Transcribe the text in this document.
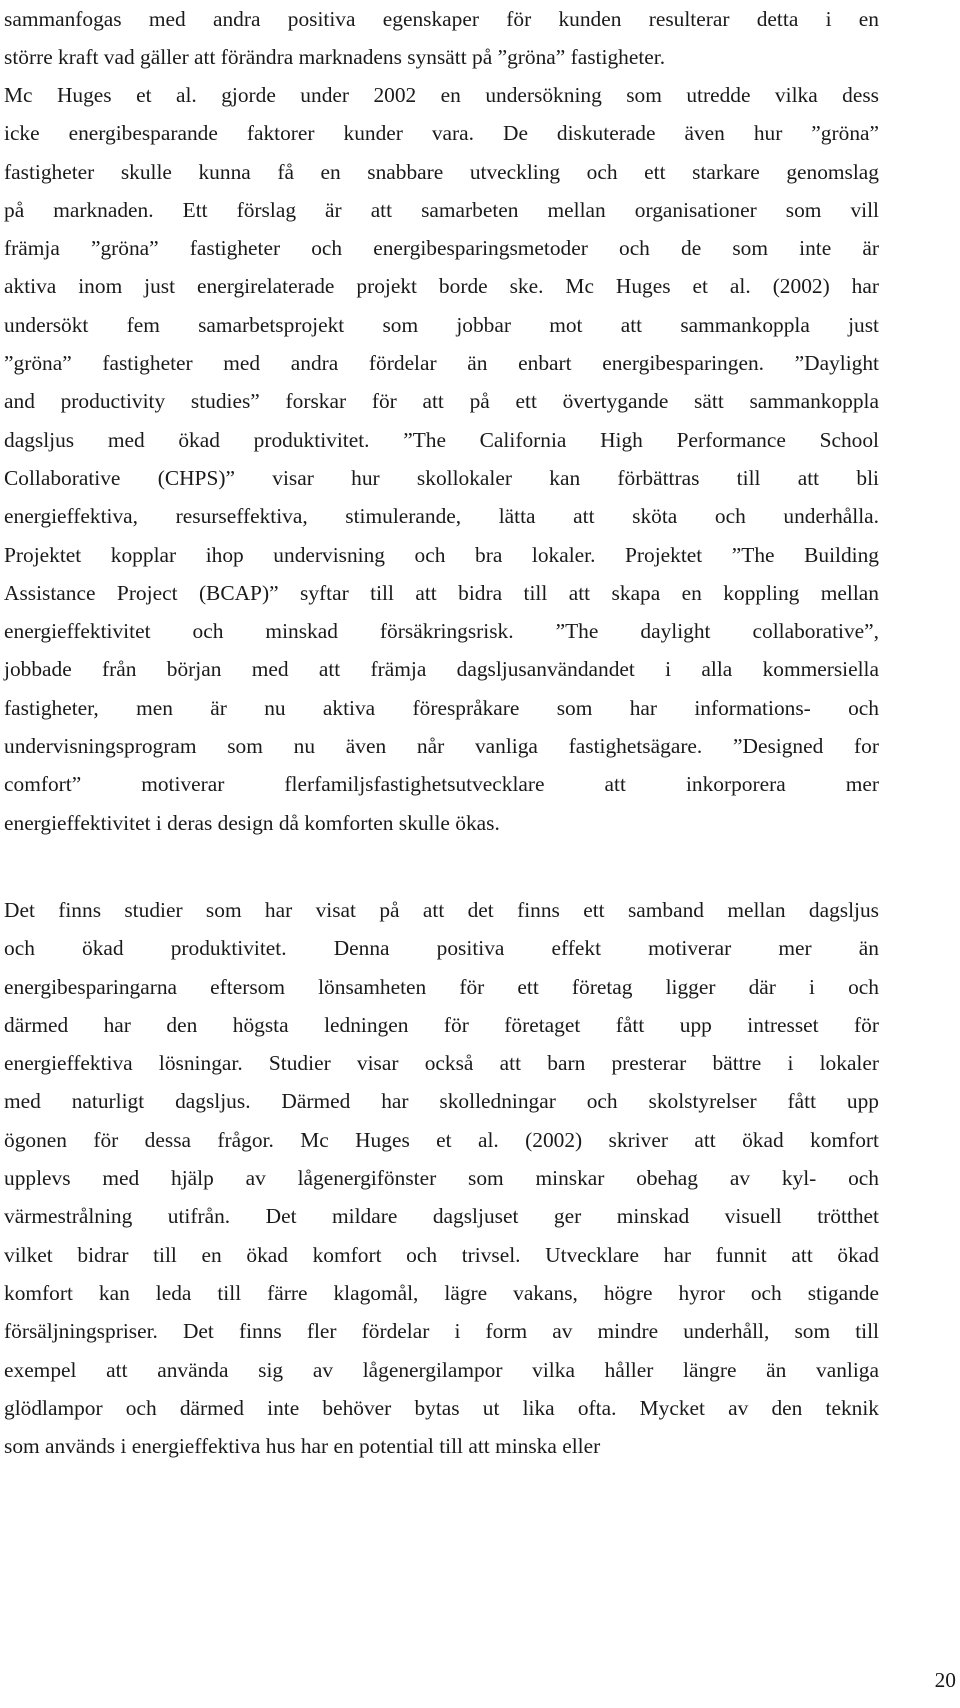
sammanfogas med andra positiva egenskaper för kunden resulterar detta i en
större kraft vad gäller att förändra marknadens synsätt på ”gröna” fastigheter.
Mc Huges et al. gjorde under 2002 en undersökning som utredde vilka dess
icke energibesparande faktorer kunder vara. De diskuterade även hur ”gröna”
fastigheter skulle kunna få en snabbare utveckling och ett starkare genomslag
på marknaden. Ett förslag är att samarbeten mellan organisationer som vill
främja ”gröna” fastigheter och energibesparingsmetoder och de som inte är
aktiva inom just energirelaterade projekt borde ske. Mc Huges et al. (2002) har
undersökt fem samarbetsprojekt som jobbar mot att sammankoppla just
”gröna” fastigheter med andra fördelar än enbart energibesparingen. ”Daylight
and productivity studies” forskar för att på ett övertygande sätt sammankoppla
dagsljus med ökad produktivitet. ”The California High Performance School
Collaborative (CHPS)” visar hur skollokaler kan förbättras till att bli
energieffektiva, resurseffektiva, stimulerande, lätta att sköta och underhålla.
Projektet kopplar ihop undervisning och bra lokaler. Projektet ”The Building
Assistance Project (BCAP)” syftar till att bidra till att skapa en koppling mellan
energieffektivitet och minskad försäkringsrisk. ”The daylight collaborative”,
jobbade från början med att främja dagsljusanvändandet i alla kommersiella
fastigheter, men är nu aktiva förespråkare som har informations- och
undervisningsprogram som nu även når vanliga fastighetsägare. ”Designed for
comfort” motiverar flerfamiljsfastighetsutvecklare att inkorporera mer
energieffektivitet i deras design då komforten skulle ökas.
Det finns studier som har visat på att det finns ett samband mellan dagsljus
och ökad produktivitet. Denna positiva effekt motiverar mer än
energibesparingarna eftersom lönsamheten för ett företag ligger där i och
därmed har den högsta ledningen för företaget fått upp intresset för
energieffektiva lösningar. Studier visar också att barn presterar bättre i lokaler
med naturligt dagsljus. Därmed har skolledningar och skolstyrelser fått upp
ögonen för dessa frågor. Mc Huges et al. (2002) skriver att ökad komfort
upplevs med hjälp av lågenergifönster som minskar obehag av kyl- och
värmestrålning utifrån. Det mildare dagsljuset ger minskad visuell trötthet
vilket bidrar till en ökad komfort och trivsel. Utvecklare har funnit att ökad
komfort kan leda till färre klagomål, lägre vakans, högre hyror och stigande
försäljningspriser. Det finns fler fördelar i form av mindre underhåll, som till
exempel att använda sig av lågenergilampor vilka håller längre än vanliga
glödlampor och därmed inte behöver bytas ut lika ofta. Mycket av den teknik
som används i energieffektiva hus har en potential till att minska eller
20
